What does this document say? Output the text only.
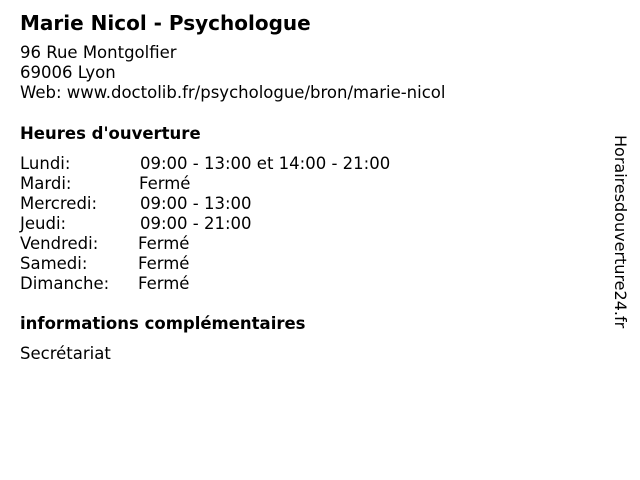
Marie Nicol - Psychologue
96 Rue Montgolfier
69006 Lyon
Web: www.doctolib.fr/psychologue/bron/marie-nicol
Heures d'ouverture
Lundi:	09:00 - 13:00 et 14:00 - 21:00
Mardi:	Fermé
Mercredi:	09:00 - 13:00
Jeudi:	09:00 - 21:00
Vendredi: Fermé
Samedi:	Fermé
Dimanche: Fermé
informations complémentaires
Secrétariat
Horairesdouverture24.fr
